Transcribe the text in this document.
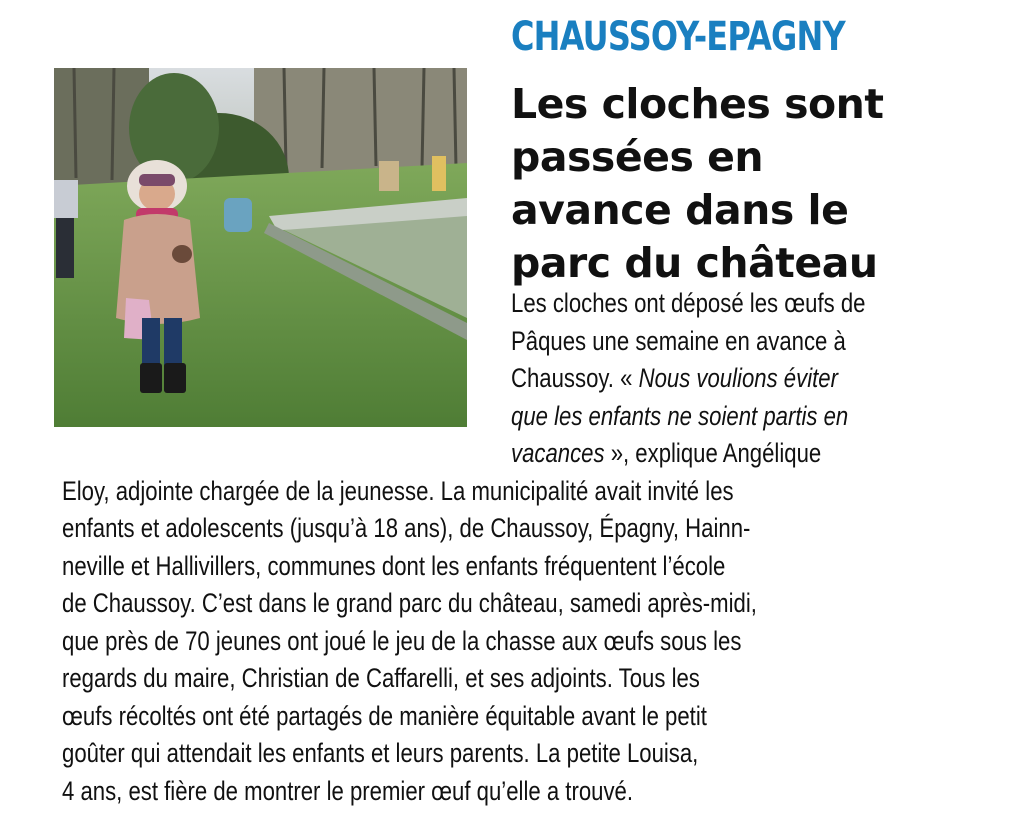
CHAUSSOY-EPAGNY
Les cloches sont
passées en
avance dans le
parc du château
Les cloches ont déposé les œufs de
Pâques une semaine en avance à
Chaussoy. « Nous voulions éviter
que les enfants ne soient partis en
vacances », explique Angélique
Eloy, adjointe chargée de la jeunesse. La municipalité avait invité les
enfants et adolescents (jusqu’à 18 ans), de Chaussoy, Épagny, Hainn-
neville et Hallivillers, communes dont les enfants fréquentent l’école
de Chaussoy. C’est dans le grand parc du château, samedi après-midi,
que près de 70 jeunes ont joué le jeu de la chasse aux œufs sous les
regards du maire, Christian de Caffarelli, et ses adjoints. Tous les
œufs récoltés ont été partagés de manière équitable avant le petit
goûter qui attendait les enfants et leurs parents. La petite Louisa,
4 ans, est fière de montrer le premier œuf qu’elle a trouvé.
